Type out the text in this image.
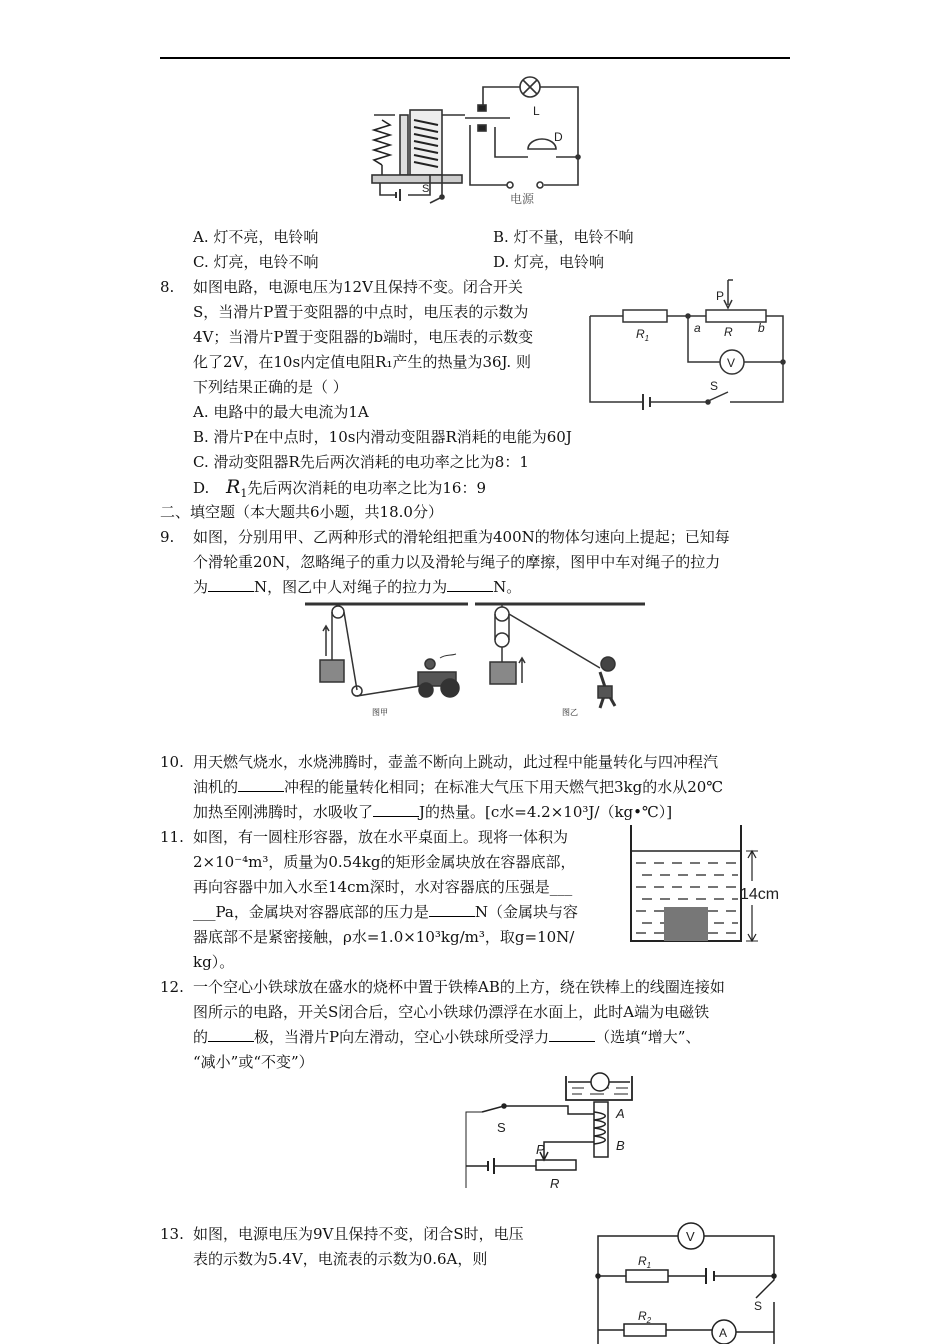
L
D
S
电源
A. 灯不亮，电铃响	B. 灯不量，电铃不响
C. 灯亮，电铃不响	D. 灯亮，电铃响
8. 如图电路，电源电压为12V且保持不变。闭合开关
S，当滑片P置于变阻器的中点时，电压表的示数为
4V；当滑片P置于变阻器的b端时，电压表的示数变
化了2V，在10s内定值电阻R₁产生的热量为36J. 则
下列结果正确的是（ ）
A. 电路中的最大电流为1A
B. 滑片P在中点时，10s内滑动变阻器R消耗的电能为60J
C. 滑动变阻器R先后两次消耗的电功率之比为8：1
D. $R_1$先后两次消耗的电功率之比为16：9
P
$R_1$
a R b
V
S
二、填空题（本大题共6小题，共18.0分）
9. 如图，分别用甲、乙两种形式的滑轮组把重为400N的物体匀速向上提起；已知每
个滑轮重20N，忽略绳子的重力以及滑轮与绳子的摩擦，图甲中车对绳子的拉力
为	N，图乙中人对绳子的拉力为	N。
图甲	图乙
10. 用天燃气烧水，水烧沸腾时，壶盖不断向上跳动，此过程中能量转化与四冲程汽
油机的	冲程的能量转化相同；在标准大气压下用天燃气把3kg的水从20℃
加热至刚沸腾时，水吸收了	J的热量。[c水=4.2×10³J/（kg•℃）]
11. 如图，有一圆柱形容器，放在水平桌面上。现将一体积为
2×10⁻⁴m³，质量为0.54kg的矩形金属块放在容器底部，
再向容器中加入水至14cm深时，水对容器底的压强是___
___Pa，金属块对容器底部的压力是	N（金属块与容
器底部不是紧密接触，ρ水=1.0×10³kg/m³，取g=10N/
kg）。
14cm
12. 一个空心小铁球放在盛水的烧杯中置于铁棒AB的上方，绕在铁棒上的线圈连接如
图所示的电路，开关S闭合后，空心小铁球仍漂浮在水面上，此时A端为电磁铁
的	极，当滑片P向左滑动，空心小铁球所受浮力	（选填“增大”、
“减小”或“不变”）
S
A
B
P
R
13. 如图，电源电压为9V且保持不变，闭合S时，电压
表的示数为5.4V，电流表的示数为0.6A，则
V
$R_1$
$R_2$
S
A
